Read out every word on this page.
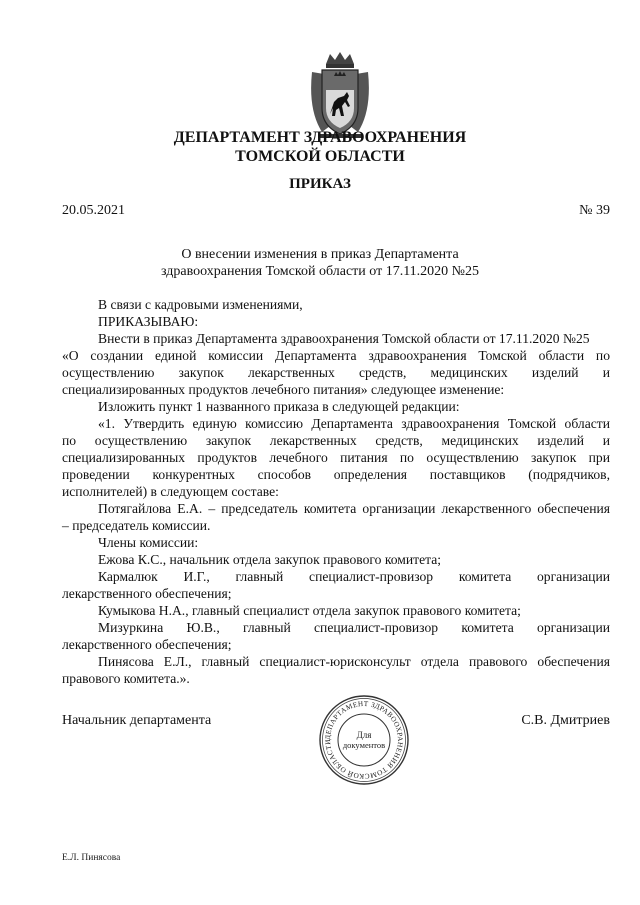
ДЕПАРТАМЕНТ ЗДРАВООХРАНЕНИЯ
ТОМСКОЙ ОБЛАСТИ
ПРИКАЗ
20.05.2021	№ 39
О внесении изменения в приказ Департамента
здравоохранения Томской области от 17.11.2020 №25
В связи с кадровыми изменениями,
ПРИКАЗЫВАЮ:
Внести в приказ Департамента здравоохранения Томской области от 17.11.2020 №25
«О создании единой комиссии Департамента здравоохранения Томской области по
осуществлению закупок лекарственных средств, медицинских изделий и
специализированных продуктов лечебного питания» следующее изменение:
Изложить пункт 1 названного приказа в следующей редакции:
«1. Утвердить единую комиссию Департамента здравоохранения Томской области
по осуществлению закупок лекарственных средств, медицинских изделий и
специализированных продуктов лечебного питания по осуществлению закупок при
проведении конкурентных способов определения поставщиков (подрядчиков,
исполнителей) в следующем составе:
Потягайлова Е.А. – председатель комитета организации лекарственного обеспечения
– председатель комиссии.
Члены комиссии:
Ежова К.С., начальник отдела закупок правового комитета;
Кармалюк И.Г., главный специалист-провизор комитета организации
лекарственного обеспечения;
Кумыкова Н.А., главный специалист отдела закупок правового комитета;
Мизуркина Ю.В., главный специалист-провизор комитета организации
лекарственного обеспечения;
Пинясова Е.Л., главный специалист-юрисконсульт отдела правового обеспечения
правового комитета.».
Начальник департамента	С.В. Дмитриев
ДЕПАРТАМЕНТ ЗДРАВООХРАНЕНИЯ ТОМСКОЙ ОБЛАСТИ
Для
документов
Е.Л. Пинясова
